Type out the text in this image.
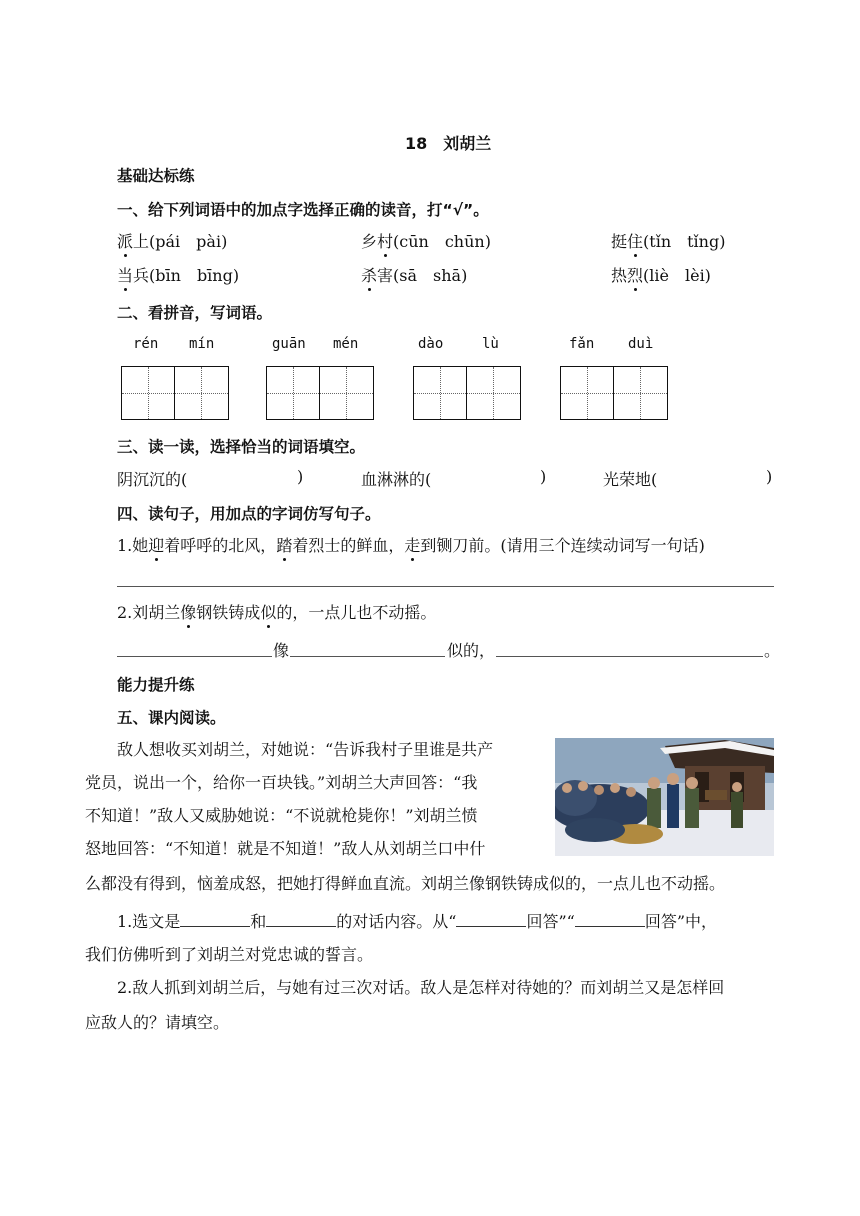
18　刘胡兰
基础达标练
一、给下列词语中的加点字选择正确的读音，打“√”。
派上(pái　pài)	乡村(cūn　chūn)	挺住(tǐn　tǐng)
当兵(bīn　bīng)	杀害(sā　shā)	热烈(liè　lèi)
二、看拼音，写词语。
rén mín	guān mén	dào	lù	fǎn duì
三、读一读，选择恰当的词语填空。
阴沉沉的(	)	血淋淋的(	)	光荣地(	)
四、读句子，用加点的字词仿写句子。
1.她迎着呼呼的北风，踏着烈士的鲜血，走到铡刀前。(请用三个连续动词写一句话)
2.刘胡兰像钢铁铸成似的，一点儿也不动摇。
像	似的，	。
能力提升练
五、课内阅读。
敌人想收买刘胡兰，对她说：“告诉我村子里谁是共产
党员，说出一个，给你一百块钱。”刘胡兰大声回答：“我
不知道！”敌人又威胁她说：“不说就枪毙你！”刘胡兰愤
怒地回答：“不知道！就是不知道！”敌人从刘胡兰口中什
么都没有得到，恼羞成怒，把她打得鲜血直流。刘胡兰像钢铁铸成似的，一点儿也不动摇。
1.选文是	和	的对话内容。从“	回答”“	回答”中，
我们仿佛听到了刘胡兰对党忠诚的誓言。
2.敌人抓到刘胡兰后，与她有过三次对话。敌人是怎样对待她的？而刘胡兰又是怎样回
应敌人的？请填空。
